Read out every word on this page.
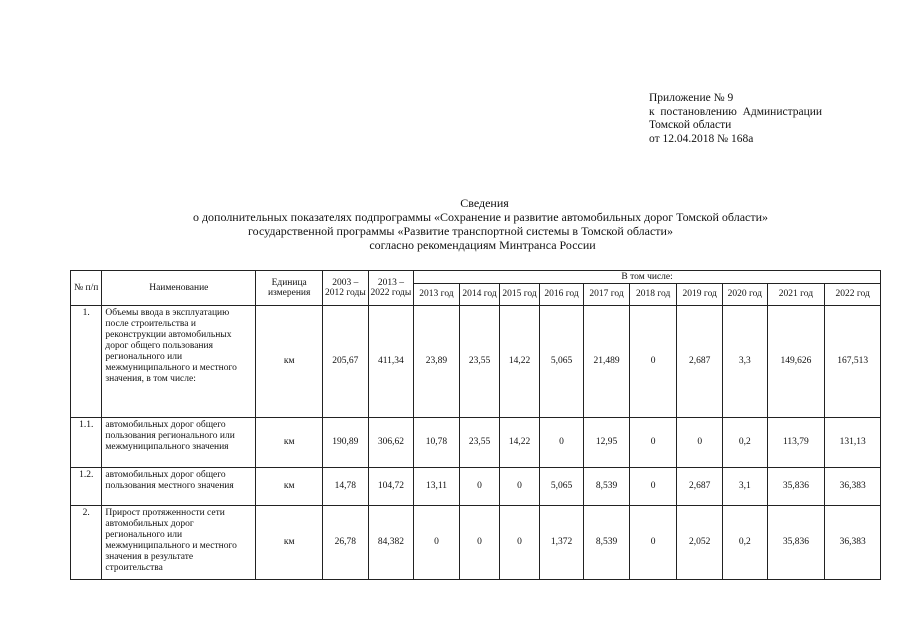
Приложение № 9
к  постановлению  Администрации
Томской области
от 12.04.2018 № 168а
Сведения
о дополнительных показателях подпрограммы «Сохранение и развитие автомобильных дорог Томской области»
государственной программы «Развитие транспортной системы в Томской области»
согласно рекомендациям Минтранса России
№ п/п	Наименование	Единица измерения	2003 – 2012 годы	2013 – 2022 годы	В том числе:									
					2013 год	2014 год	2015 год	2016 год	2017 год	2018 год	2019 год	2020 год	2021 год	2022 год
1.	Объемы ввода в эксплуатацию после строительства и реконструкции автомобильных дорог общего пользования регионального или межмуниципального и местного значения, в том числе:	км	205,67	411,34	23,89	23,55	14,22	5,065	21,489	0	2,687	3,3	149,626	167,513
1.1.	автомобильных дорог общего пользования регионального или межмуниципального значения	км	190,89	306,62	10,78	23,55	14,22	0	12,95	0	0	0,2	113,79	131,13
1.2.	автомобильных дорог общего пользования местного значения	км	14,78	104,72	13,11	0	0	5,065	8,539	0	2,687	3,1	35,836	36,383
2.	Прирост протяженности сети автомобильных дорог регионального или межмуниципального и местного значения в результате строительства	км	26,78	84,382	0	0	0	1,372	8,539	0	2,052	0,2	35,836	36,383
